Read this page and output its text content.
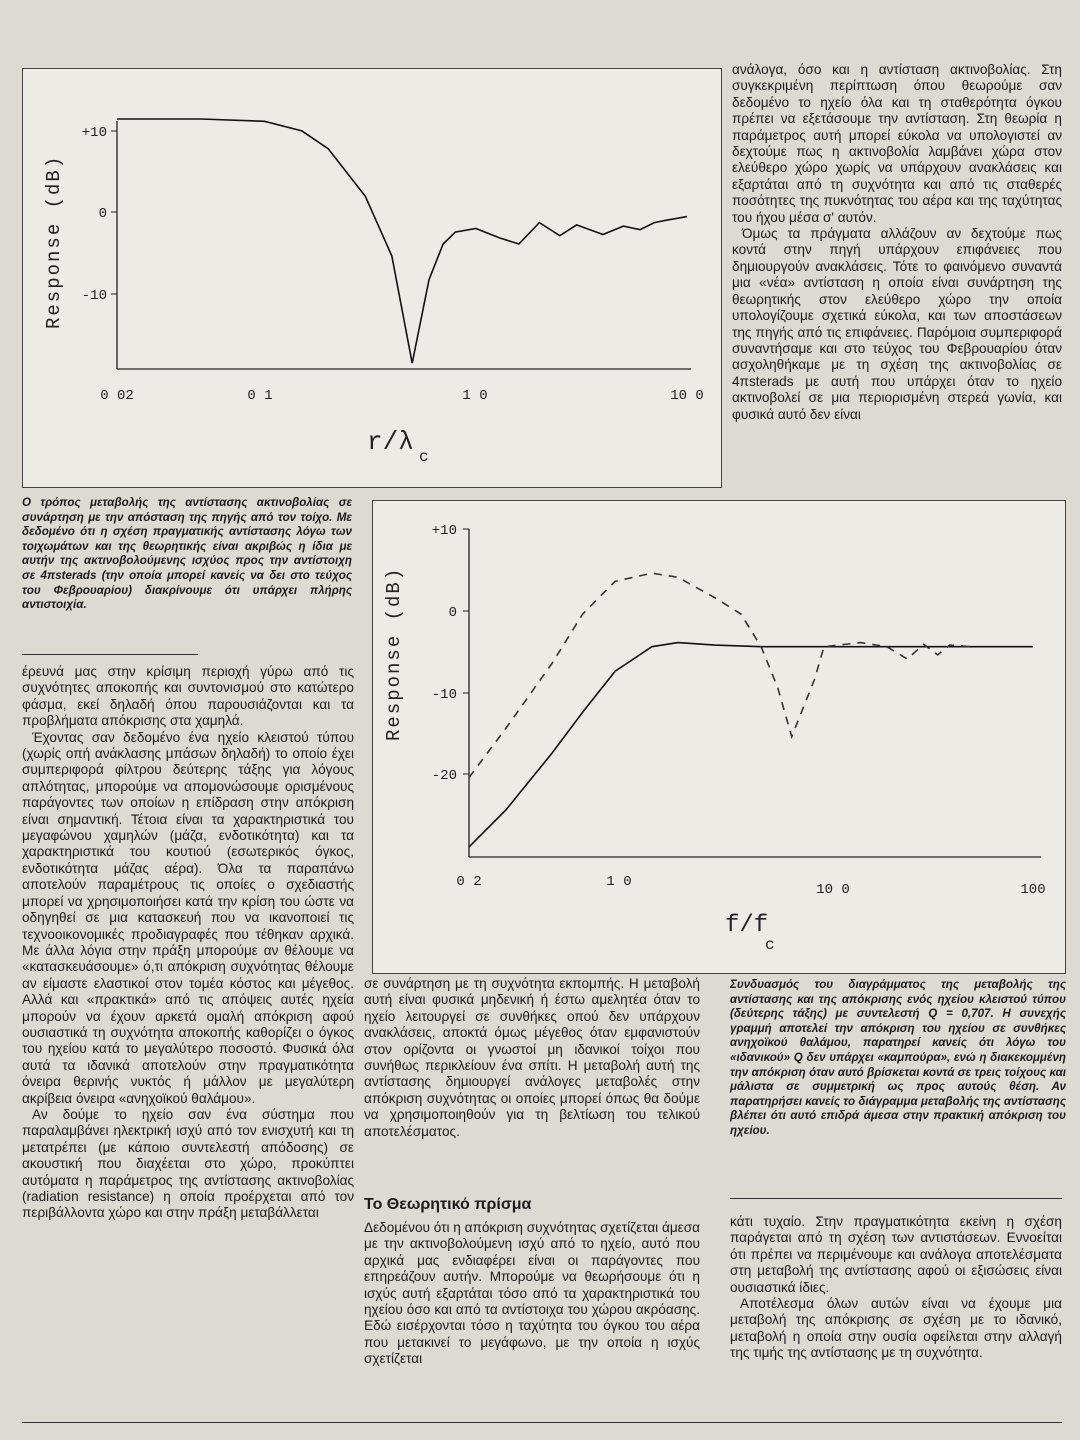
Response (dB)
+10
0
-10
0 02	0 1	1 0	10 0
r/λ c
Response (dB)
+10
0
-10
-20
0 2	1 0	10 0	100
f/f
c

Ο τρόπος μεταβολής της αντίστασης ακτινοβολίας σε συνάρτηση με την απόσταση της πηγής από τον τοίχο. Με δεδομένο ότι η σχέση πραγματικής αντίστασης λόγω των τοιχωμάτων και της θεωρητικής είναι ακριβώς η ίδια με αυτήν της ακτινοβολούμενης ισχύος προς την αντίστοιχη σε 4πsterads (την οποία μπορεί κανείς να δει στο τεύχος του Φεβρουαρίου) διακρίνουμε ότι υπάρχει πλήρης αντιστοιχία.

Συνδυασμός του διαγράμματος της μεταβολής της αντίστασης και της απόκρισης ενός ηχείου κλειστού τύπου (δεύτερης τάξης) με συντελεστή Q = 0,707. Η συνεχής γραμμή αποτελεί την απόκριση του ηχείου σε συνθήκες ανηχοϊκού θαλάμου, παρατηρεί κανείς ότι λόγω του «ιδανικού» Q δεν υπάρχει «καμπούρα», ενώ η διακεκομμένη την απόκριση όταν αυτό βρίσκεται κοντά σε τρεις τοίχους και μάλιστα σε συμμετρική ως προς αυτούς θέση. Αν παρατηρήσει κανείς το διάγραμμα μεταβολής της αντίστασης βλέπει ότι αυτό επιδρά άμεσα στην πρακτική απόκριση του ηχείου.

ανάλογα, όσο και η αντίσταση ακτινοβολίας. Στη συγκεκριμένη περίπτωση όπου θεωρούμε σαν δεδομένο το ηχείο όλα και τη σταθερότητα όγκου πρέπει να εξετάσουμε την αντίσταση. Στη θεωρία η παράμετρος αυτή μπορεί εύκολα να υπολογιστεί αν δεχτούμε πως η ακτινοβολία λαμβάνει χώρα στον ελεύθερο χώρο χωρίς να υπάρχουν ανακλάσεις και εξαρτάται από τη συχνότητα και από τις σταθερές ποσότητες της πυκνότητας του αέρα και της ταχύτητας του ήχου μέσα σ' αυτόν.

Όμως τα πράγματα αλλάζουν αν δεχτούμε πως κοντά στην πηγή υπάρχουν επιφάνειες που δημιουργούν ανακλάσεις. Τότε το φαινόμενο συναντά μια «νέα» αντίσταση η οποία είναι συνάρτηση της θεωρητικής στον ελεύθερο χώρο την οποία υπολογίζουμε σχετικά εύκολα, και των αποστάσεων της πηγής από τις επιφάνειες. Παρόμοια συμπεριφορά συναντήσαμε και στο τεύχος του Φεβρουαρίου όταν ασχοληθήκαμε με τη σχέση της ακτινοβολίας σε 4πsterads με αυτή που υπάρχει όταν το ηχείο ακτινοβολεί σε μια περιορισμένη στερεά γωνία, και φυσικά αυτό δεν είναι

έρευνά μας στην κρίσιμη περιοχή γύρω από τις συχνότητες αποκοπής και συντονισμού στο κατώτερο φάσμα, εκεί δηλαδή όπου παρουσιάζονται και τα προβλήματα απόκρισης στα χαμηλά.

Έχοντας σαν δεδομένο ένα ηχείο κλειστού τύπου (χωρίς οπή ανάκλασης μπάσων δηλαδή) το οποίο έχει συμπεριφορά φίλτρου δεύτερης τάξης για λόγους απλότητας, μπορούμε να απομονώσουμε ορισμένους παράγοντες των οποίων η επίδραση στην απόκριση είναι σημαντική. Τέτοια είναι τα χαρακτηριστικά του μεγαφώνου χαμηλών (μάζα, ενδοτικότητα) και τα χαρακτηριστικά του κουτιού (εσωτερικός όγκος, ενδοτικότητα μάζας αέρα). Όλα τα παραπάνω αποτελούν παραμέτρους τις οποίες ο σχεδιαστής μπορεί να χρησιμοποιήσει κατά την κρίση του ώστε να οδηγηθεί σε μια κατασκευή που να ικανοποιεί τις τεχνοοικονομικές προδιαγραφές που τέθηκαν αρχικά. Με άλλα λόγια στην πράξη μπορούμε αν θέλουμε να «κατασκευάσουμε» ό,τι απόκριση συχνότητας θέλουμε αν είμαστε ελαστικοί στον τομέα κόστος και μέγεθος. Αλλά και «πρακτικά» από τις απόψεις αυτές ηχεία μπορούν να έχουν αρκετά ομαλή απόκριση αφού ουσιαστικά τη συχνότητα αποκοπής καθορίζει ο όγκος του ηχείου κατά το μεγαλύτερο ποσοστό. Φυσικά όλα αυτά τα ιδανικά αποτελούν στην πραγματικότητα όνειρα θερινής νυκτός ή μάλλον με μεγαλύτερη ακρίβεια όνειρα «ανηχοϊκού θαλάμου».

Αν δούμε το ηχείο σαν ένα σύστημα που παραλαμβάνει ηλεκτρική ισχύ από τον ενισχυτή και τη μετατρέπει (με κάποιο συντελεστή απόδοσης) σε ακουστική που διαχέεται στο χώρο, προκύπτει αυτόματα η παράμετρος της αντίστασης ακτινοβολίας (radiation resistance) η οποία προέρχεται από τον περιβάλλοντα χώρο και στην πράξη μεταβάλλεται

σε συνάρτηση με τη συχνότητα εκπομπής. Η μεταβολή αυτή είναι φυσικά μηδενική ή έστω αμελητέα όταν το ηχείο λειτουργεί σε συνθήκες οπού δεν υπάρχουν ανακλάσεις, αποκτά όμως μέγεθος όταν εμφανιστούν στον ορίζοντα οι γνωστοί μη ιδανικοί τοίχοι που συνήθως περικλείουν ένα σπίτι. Η μεταβολή αυτή της αντίστασης δημιουργεί ανάλογες μεταβολές στην απόκριση συχνότητας οι οποίες μπορεί όπως θα δούμε να χρησιμοποιηθούν για τη βελτίωση του τελικού αποτελέσματος.

Το Θεωρητικό πρίσμα

Δεδομένου ότι η απόκριση συχνότητας σχετίζεται άμεσα με την ακτινοβολούμενη ισχύ από το ηχείο, αυτό που αρχικά μας ενδιαφέρει είναι οι παράγοντες που επηρεάζουν αυτήν. Μπορούμε να θεωρήσουμε ότι η ισχύς αυτή εξαρτάται τόσο από τα χαρακτηριστικά του ηχείου όσο και από τα αντίστοιχα του χώρου ακρόασης. Εδώ εισέρχονται τόσο η ταχύτητα του όγκου του αέρα που μετακινεί το μεγάφωνο, με την οποία η ισχύς σχετίζεται

κάτι τυχαίο. Στην πραγματικότητα εκείνη η σχέση παράγεται από τη σχέση των αντιστάσεων. Εννοείται ότι πρέπει να περιμένουμε και ανάλογα αποτελέσματα στη μεταβολή της αντίστασης αφού οι εξισώσεις είναι ουσιαστικά ίδιες.

Αποτέλεσμα όλων αυτών είναι να έχουμε μια μεταβολή της απόκρισης σε σχέση με το ιδανικό, μεταβολή η οποία στην ουσία οφείλεται στην αλλαγή της τιμής της αντίστασης με τη συχνότητα.
